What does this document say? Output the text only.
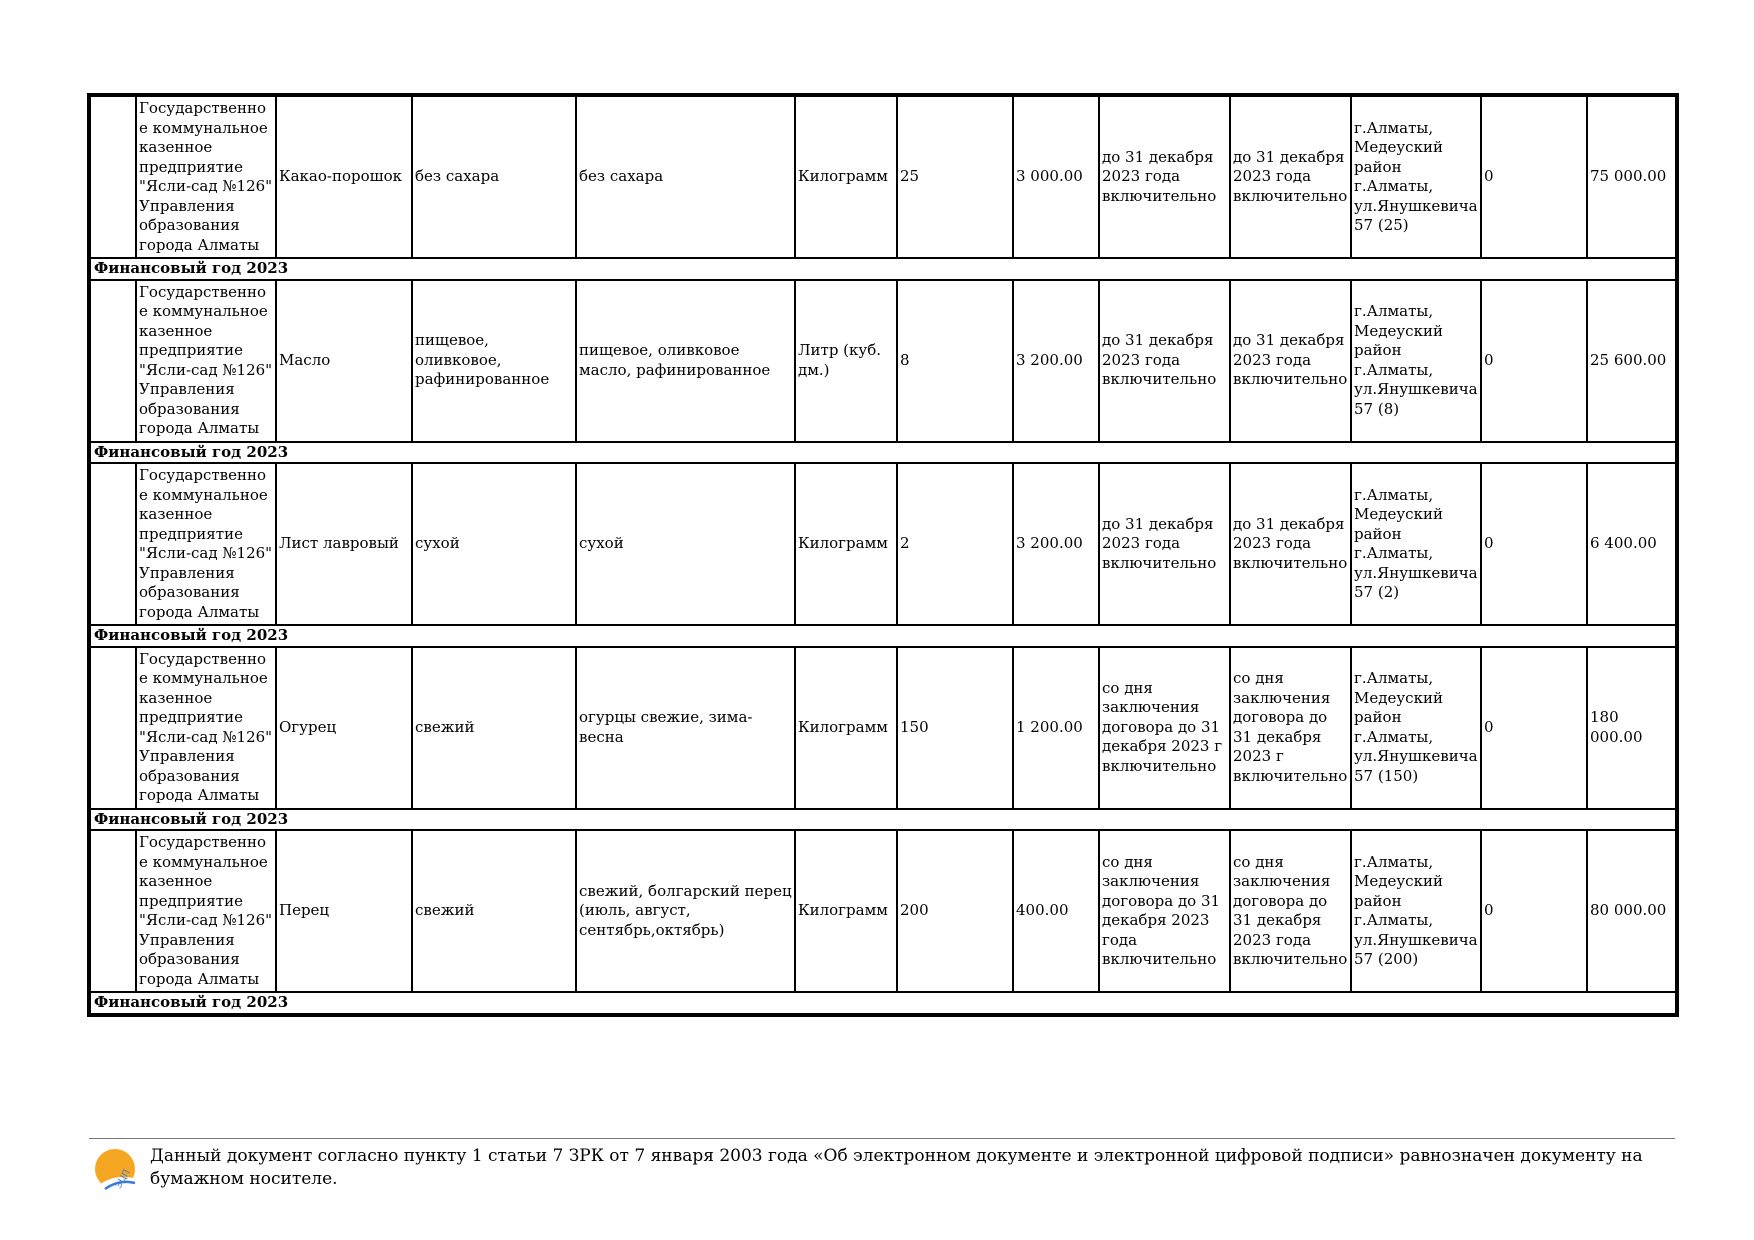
	Государственное коммунальное казенное предприятие "Ясли-сад №126" Управления образования города Алматы	Какао-порошок	без сахара	без сахара	Килограмм	25	3 000.00	до 31 декабря 2023 года включительно	до 31 декабря 2023 года включительно	г.Алматы, Медеуский район г.Алматы, ул.Янушкевича 57 (25)	0	75 000.00
Финансовый год 2023												
	Государственное коммунальное казенное предприятие "Ясли-сад №126" Управления образования города Алматы	Масло	пищевое, оливковое, рафинированное	пищевое, оливковое масло, рафинированное	Литр (куб. дм.)	8	3 200.00	до 31 декабря 2023 года включительно	до 31 декабря 2023 года включительно	г.Алматы, Медеуский район г.Алматы, ул.Янушкевича 57 (8)	0	25 600.00
Финансовый год 2023												
	Государственное коммунальное казенное предприятие "Ясли-сад №126" Управления образования города Алматы	Лист лавровый	сухой	сухой	Килограмм	2	3 200.00	до 31 декабря 2023 года включительно	до 31 декабря 2023 года включительно	г.Алматы, Медеуский район г.Алматы, ул.Янушкевича 57 (2)	0	6 400.00
Финансовый год 2023												
	Государственное коммунальное казенное предприятие "Ясли-сад №126" Управления образования города Алматы	Огурец	свежий	огурцы свежие, зима-весна	Килограмм	150	1 200.00	со дня заключения договора до 31 декабря 2023 г включительно	со дня заключения договора до 31 декабря 2023 г включительно	г.Алматы, Медеуский район г.Алматы, ул.Янушкевича 57 (150)	0	180 000.00
Финансовый год 2023												
	Государственное коммунальное казенное предприятие "Ясли-сад №126" Управления образования города Алматы	Перец	свежий	свежий, болгарский перец (июль, август, сентябрь,октябрь)	Килограмм	200	400.00	со дня заключения договора до 31 декабря 2023 года включительно	со дня заключения договора до 31 декабря 2023 года включительно	г.Алматы, Медеуский район г.Алматы, ул.Янушкевича 57 (200)	0	80 000.00
Финансовый год 2023												
ЭЦП
Данный документ согласно пункту 1 статьи 7 ЗРК от 7 января 2003 года «Об электронном документе и электронной цифровой подписи» равнозначен документу на бумажном носителе.
